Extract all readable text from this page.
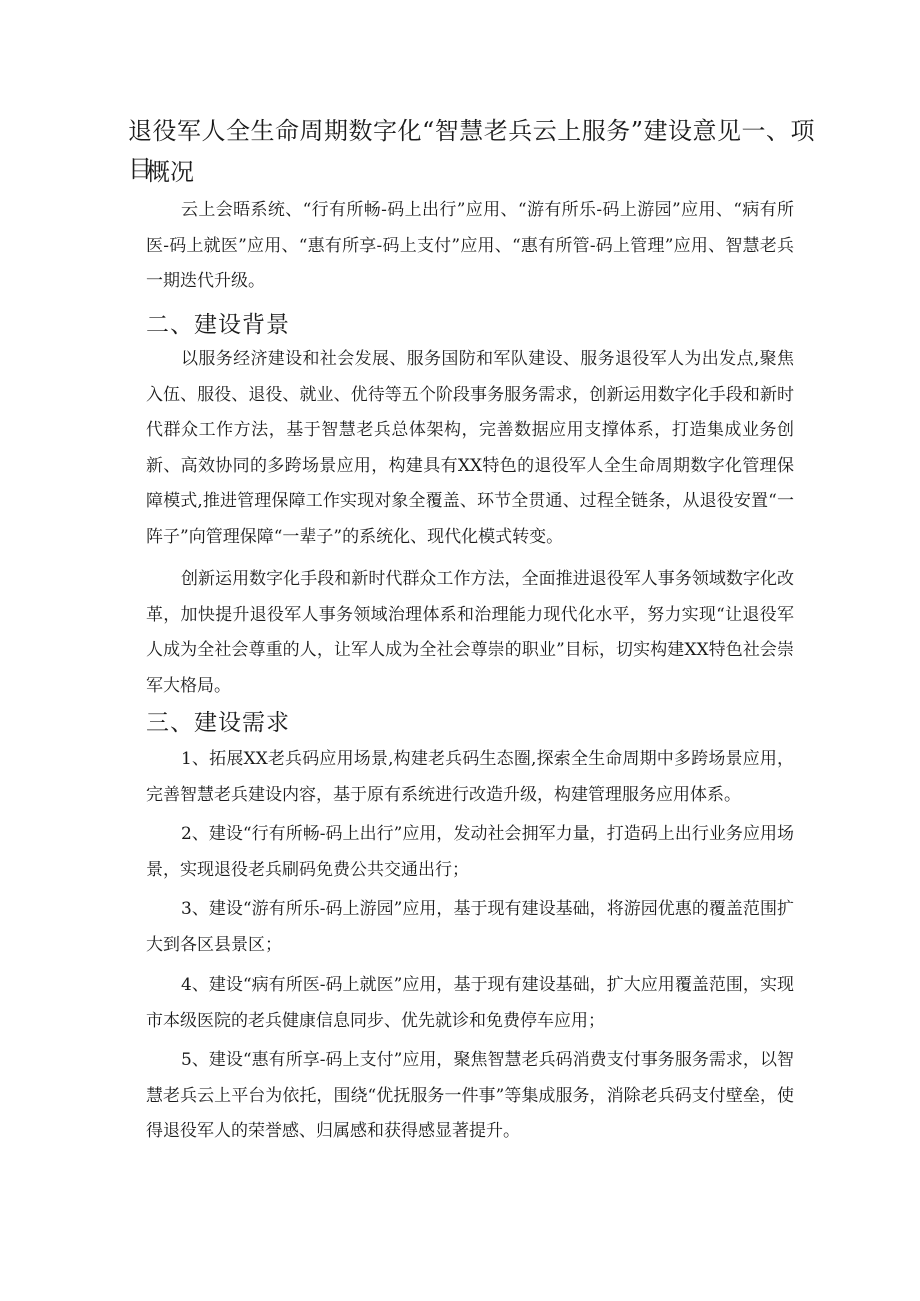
退役军人全生命周期数字化“智慧老兵云上服务”建设意见一、项目
概况

云上会晤系统、“行有所畅-码上出行”应用、“游有所乐-码上游园”应用、“病有所医-码上就医”应用、“惠有所享-码上支付”应用、“惠有所管-码上管理”应用、智慧老兵一期迭代升级。

二、建设背景

以服务经济建设和社会发展、服务国防和军队建设、服务退役军人为出发点,聚焦入伍、服役、退役、就业、优待等五个阶段事务服务需求，创新运用数字化手段和新时代群众工作方法，基于智慧老兵总体架构，完善数据应用支撑体系，打造集成业务创新、高效协同的多跨场景应用，构建具有XX特色的退役军人全生命周期数字化管理保障模式,推进管理保障工作实现对象全覆盖、环节全贯通、过程全链条，从退役安置“一阵子”向管理保障“一辈子”的系统化、现代化模式转变。

创新运用数字化手段和新时代群众工作方法，全面推进退役军人事务领域数字化改革，加快提升退役军人事务领域治理体系和治理能力现代化水平，努力实现“让退役军人成为全社会尊重的人，让军人成为全社会尊崇的职业”目标，切实构建XX特色社会崇军大格局。

三、建设需求

1、拓展XX老兵码应用场景,构建老兵码生态圈,探索全生命周期中多跨场景应用，完善智慧老兵建设内容，基于原有系统进行改造升级，构建管理服务应用体系。

2、建设“行有所畅-码上出行”应用，发动社会拥军力量，打造码上出行业务应用场景，实现退役老兵刷码免费公共交通出行；

3、建设“游有所乐-码上游园”应用，基于现有建设基础，将游园优惠的覆盖范围扩大到各区县景区；

4、建设“病有所医-码上就医”应用，基于现有建设基础，扩大应用覆盖范围，实现市本级医院的老兵健康信息同步、优先就诊和免费停车应用；

5、建设“惠有所享-码上支付”应用，聚焦智慧老兵码消费支付事务服务需求，以智慧老兵云上平台为依托，围绕“优抚服务一件事”等集成服务，消除老兵码支付壁垒，使得退役军人的荣誉感、归属感和获得感显著提升。
